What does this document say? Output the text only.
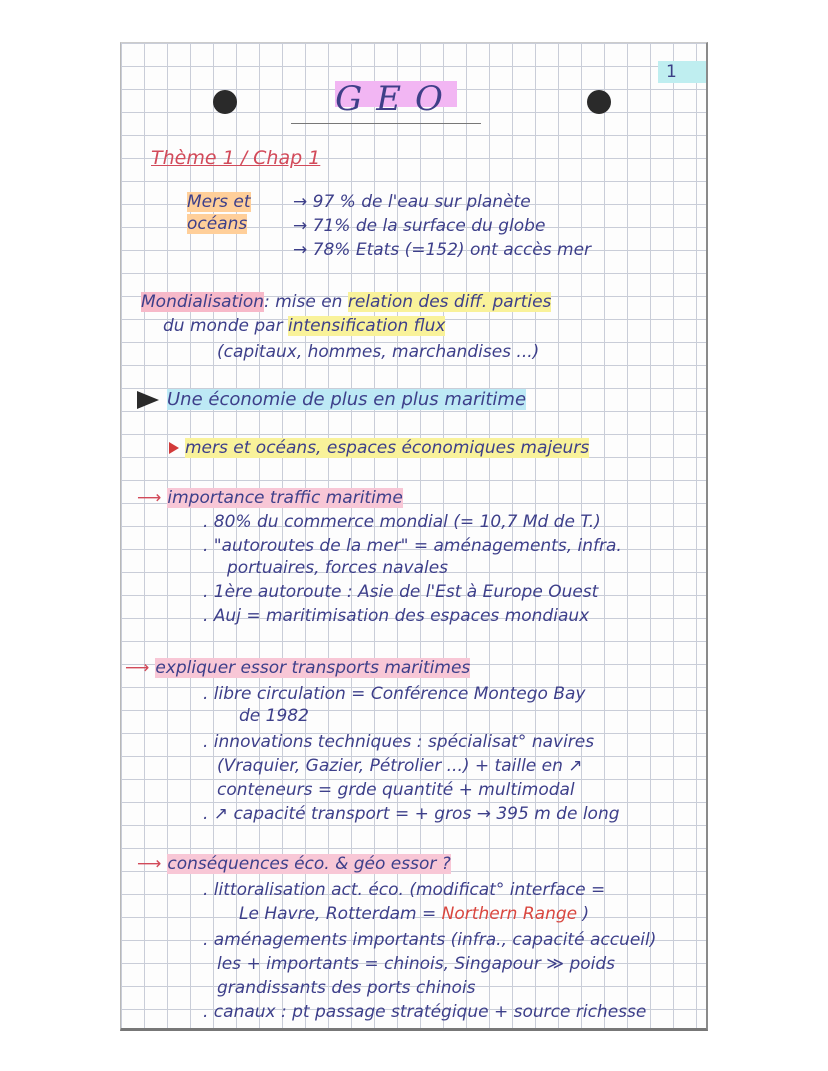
1
GEO
Thème 1 / Chap 1
Mers et
océans
→ 97 % de l'eau sur planète
→ 71% de la surface du globe
→ 78% Etats (=152) ont accès mer
Mondialisation: mise en relation des diff. parties
du monde par intensification flux
(capitaux, hommes, marchandises ...)
Une économie de plus en plus maritime
mers et océans, espaces économiques majeurs
⟶ importance traffic maritime
. 80% du commerce mondial (= 10,7 Md de T.)
. "autoroutes de la mer" = aménagements, infra.
portuaires, forces navales
. 1ère autoroute : Asie de l'Est à Europe Ouest
. Auj = maritimisation des espaces mondiaux
⟶ expliquer essor transports maritimes
. libre circulation = Conférence Montego Bay
de 1982
. innovations techniques : spécialisat° navires
(Vraquier, Gazier, Pétrolier ...) + taille en ↗
conteneurs = grde quantité + multimodal
. ↗ capacité transport = + gros → 395 m de long
⟶ conséquences éco. & géo essor ?
. littoralisation act. éco. (modificat° interface =
Le Havre, Rotterdam = Northern Range )
. aménagements importants (infra., capacité accueil)
les + importants = chinois, Singapour ≫ poids
grandissants des ports chinois
. canaux : pt passage stratégique + source richesse
